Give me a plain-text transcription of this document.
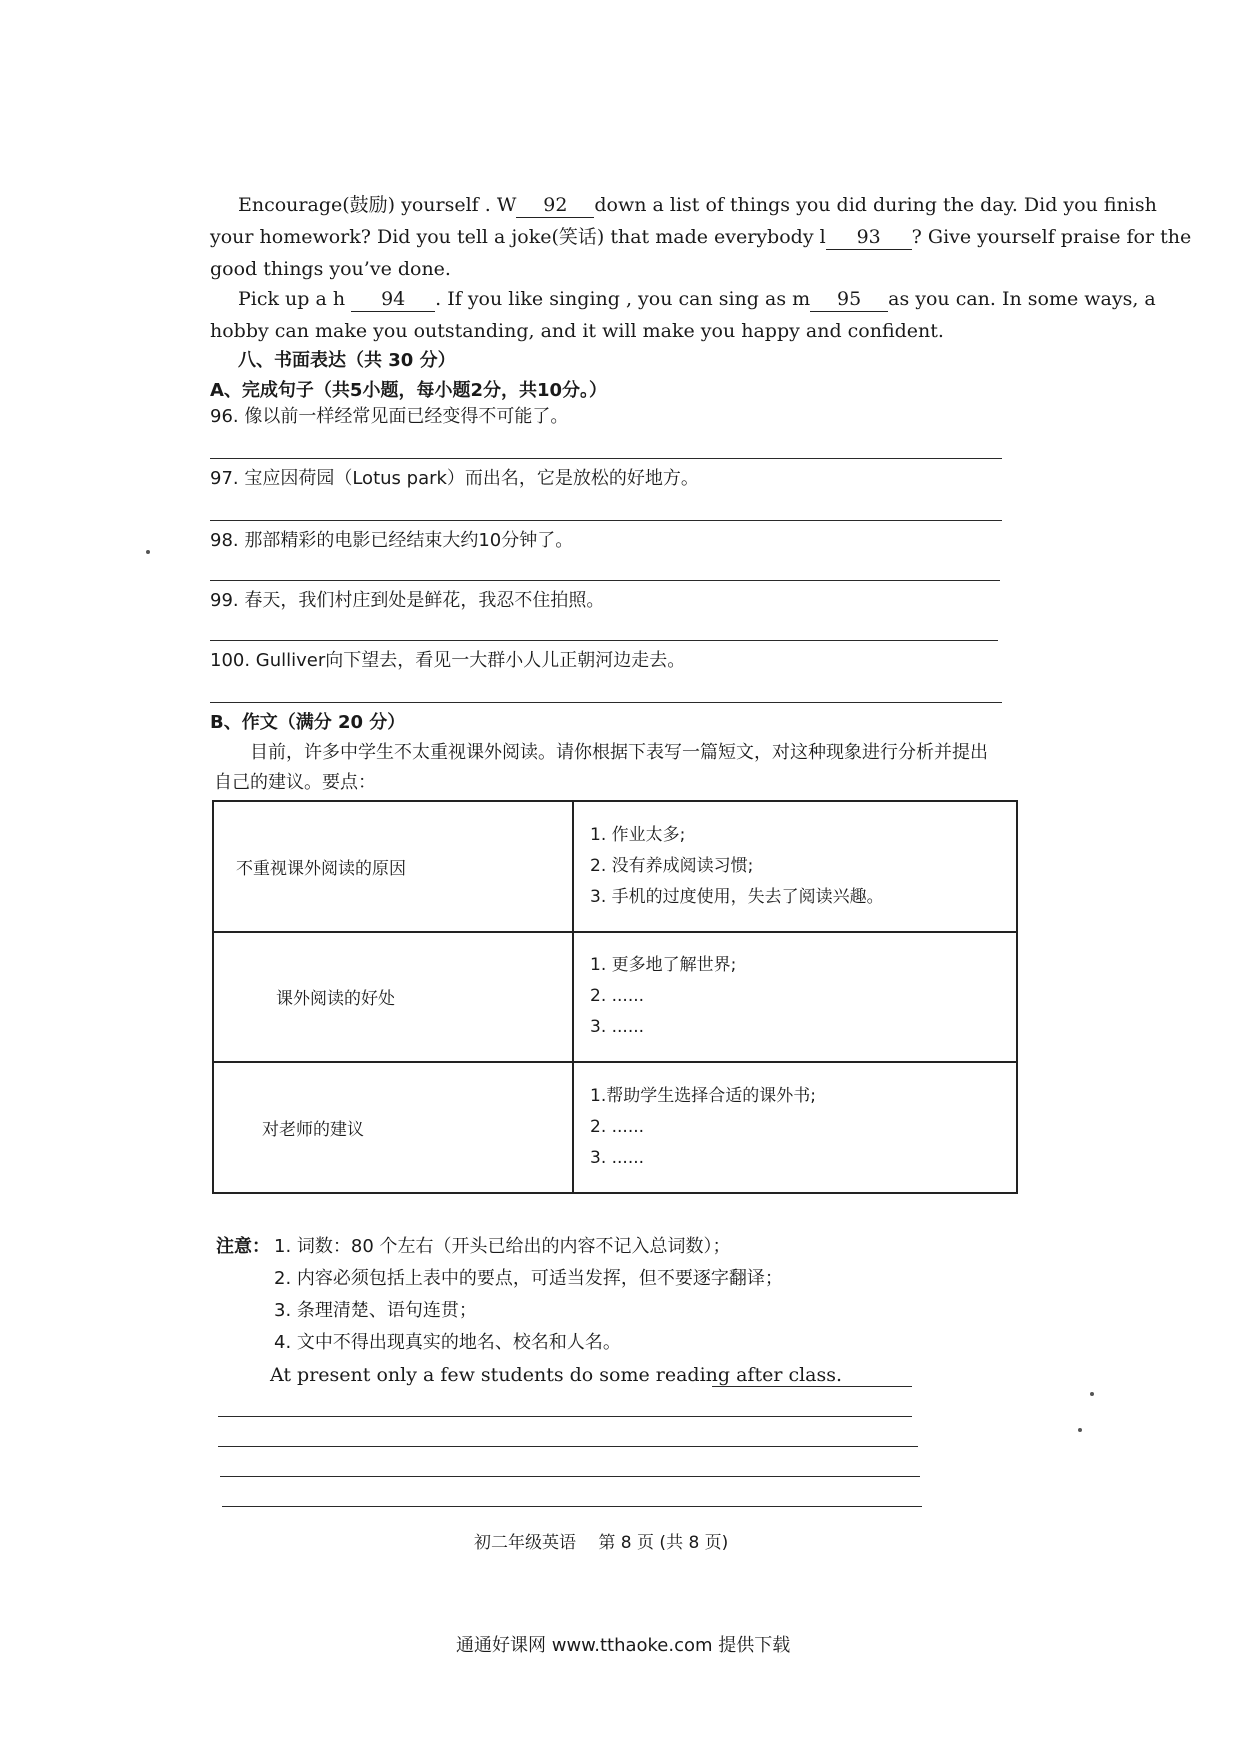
Encourage(鼓励) yourself . W 92 down a list of things you did during the day. Did you finish
your homework? Did you tell a joke(笑话) that made everybody l 93 ? Give yourself praise for the
good things you’ve done.
Pick up a h 94 . If you like singing , you can sing as m 95 as you can. In some ways, a
hobby can make you outstanding, and it will make you happy and confident.
八、书面表达（共 30 分）
A、完成句子（共5小题，每小题2分，共10分。）
96. 像以前一样经常见面已经变得不可能了。
97. 宝应因荷园（Lotus park）而出名，它是放松的好地方。
98. 那部精彩的电影已经结束大约10分钟了。
99. 春天，我们村庄到处是鲜花，我忍不住拍照。
100. Gulliver向下望去，看见一大群小人儿正朝河边走去。
B、作文（满分 20 分）
目前，许多中学生不太重视课外阅读。请你根据下表写一篇短文，对这种现象进行分析并提出
自己的建议。要点：
不重视课外阅读的原因	1. 作业太多;
2. 没有养成阅读习惯;
3. 手机的过度使用，失去了阅读兴趣。

课外阅读的好处	1. 更多地了解世界;
2. ......
3. ......

对老师的建议	1.帮助学生选择合适的课外书;
2. ......
3. ......
注意： 1. 词数：80 个左右（开头已给出的内容不记入总词数）；
2. 内容必须包括上表中的要点，可适当发挥，但不要逐字翻译；
3. 条理清楚、语句连贯；
4. 文中不得出现真实的地名、校名和人名。
At present only a few students do some reading after class.
初二年级英语　 第 8 页 (共 8 页)
通通好课网 www.tthaoke.com 提供下载
